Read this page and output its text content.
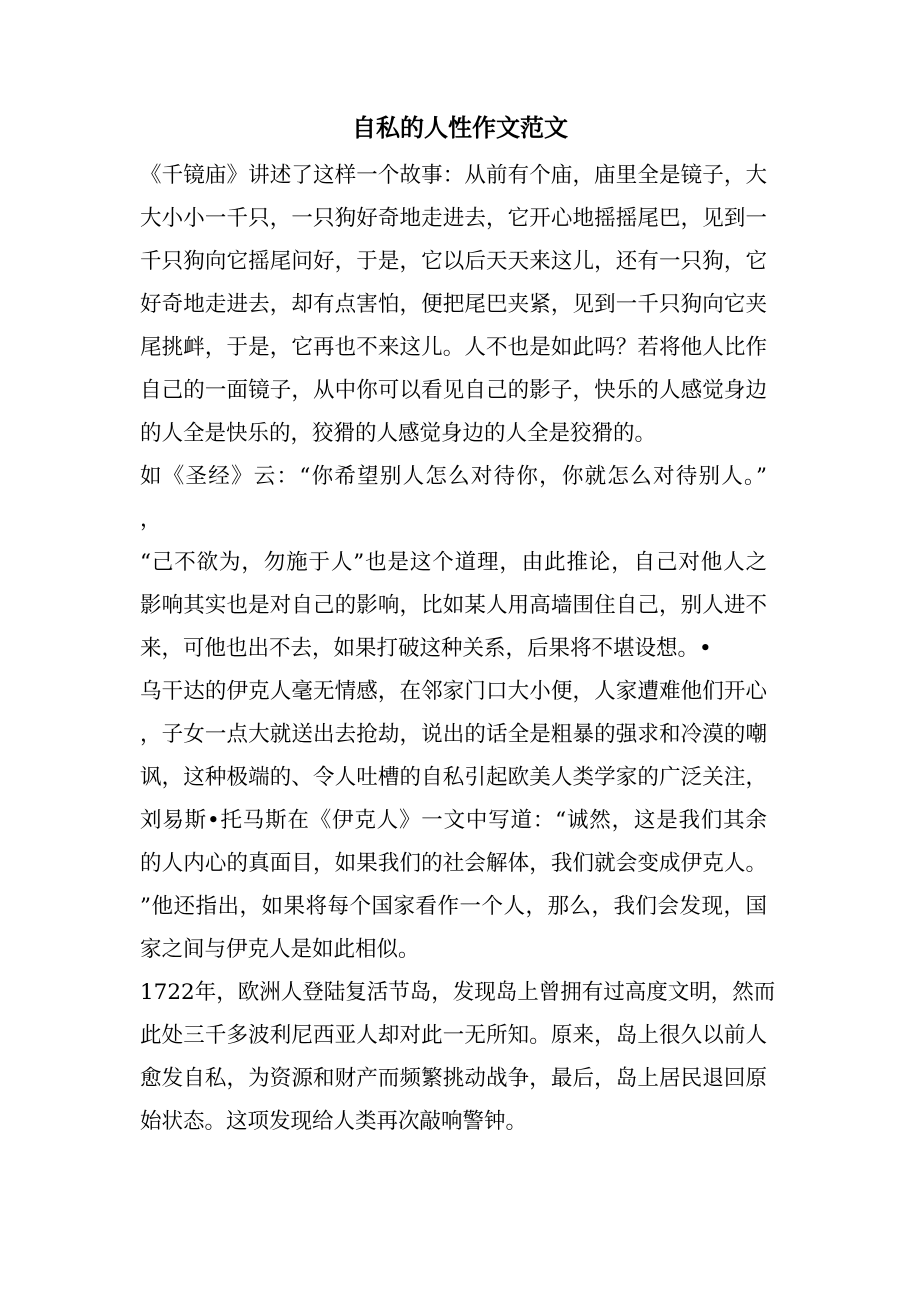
自私的人性作文范文
《千镜庙》讲述了这样一个故事：从前有个庙，庙里全是镜子，大
大小小一千只，一只狗好奇地走进去，它开心地摇摇尾巴，见到一
千只狗向它摇尾问好，于是，它以后天天来这儿，还有一只狗，它
好奇地走进去，却有点害怕，便把尾巴夹紧，见到一千只狗向它夹
尾挑衅，于是，它再也不来这儿。人不也是如此吗？若将他人比作
自己的一面镜子，从中你可以看见自己的影子，快乐的人感觉身边
的人全是快乐的，狡猾的人感觉身边的人全是狡猾的。
如《圣经》云：“你希望别人怎么对待你，你就怎么对待别人。”
，
“己不欲为，勿施于人”也是这个道理，由此推论，自己对他人之
影响其实也是对自己的影响，比如某人用高墙围住自己，别人进不
来，可他也出不去，如果打破这种关系，后果将不堪设想。•
乌干达的伊克人毫无情感，在邻家门口大小便，人家遭难他们开心
，子女一点大就送出去抢劫，说出的话全是粗暴的强求和冷漠的嘲
讽，这种极端的、令人吐槽的自私引起欧美人类学家的广泛关注，
刘易斯•托马斯在《伊克人》一文中写道：“诚然，这是我们其余
的人内心的真面目，如果我们的社会解体，我们就会变成伊克人。
”他还指出，如果将每个国家看作一个人，那么，我们会发现，国
家之间与伊克人是如此相似。
1722年，欧洲人登陆复活节岛，发现岛上曾拥有过高度文明，然而
此处三千多波利尼西亚人却对此一无所知。原来，岛上很久以前人
愈发自私，为资源和财产而频繁挑动战争，最后，岛上居民退回原
始状态。这项发现给人类再次敲响警钟。
